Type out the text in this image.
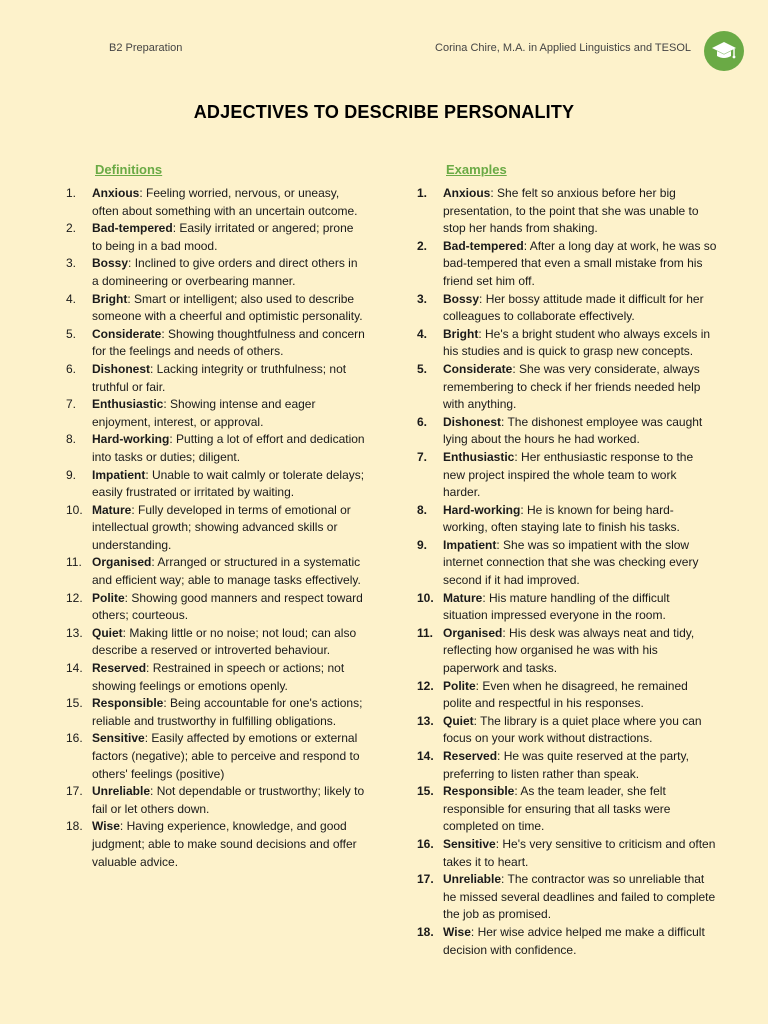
B2 Preparation	Corina Chire, M.A. in Applied Linguistics and TESOL
ADJECTIVES TO DESCRIBE PERSONALITY
Definitions
1.	Anxious: Feeling worried, nervous, or uneasy, often about something with an uncertain outcome.
2.	Bad-tempered: Easily irritated or angered; prone to being in a bad mood.
3.	Bossy: Inclined to give orders and direct others in a domineering or overbearing manner.
4.	Bright: Smart or intelligent; also used to describe someone with a cheerful and optimistic personality.
5.	Considerate: Showing thoughtfulness and concern for the feelings and needs of others.
6.	Dishonest: Lacking integrity or truthfulness; not truthful or fair.
7.	Enthusiastic: Showing intense and eager enjoyment, interest, or approval.
8.	Hard-working: Putting a lot of effort and dedication into tasks or duties; diligent.
9.	Impatient: Unable to wait calmly or tolerate delays; easily frustrated or irritated by waiting.
10. Mature: Fully developed in terms of emotional or intellectual growth; showing advanced skills or understanding.
11. Organised: Arranged or structured in a systematic and efficient way; able to manage tasks effectively.
12. Polite: Showing good manners and respect toward others; courteous.
13. Quiet: Making little or no noise; not loud; can also describe a reserved or introverted behaviour.
14. Reserved: Restrained in speech or actions; not showing feelings or emotions openly.
15. Responsible: Being accountable for one's actions; reliable and trustworthy in fulfilling obligations.
16. Sensitive: Easily affected by emotions or external factors (negative); able to perceive and respond to others' feelings (positive)
17. Unreliable: Not dependable or trustworthy; likely to fail or let others down.
18. Wise: Having experience, knowledge, and good judgment; able to make sound decisions and offer valuable advice.
Examples
1.	Anxious: She felt so anxious before her big presentation, to the point that she was unable to stop her hands from shaking.
2.	Bad-tempered: After a long day at work, he was so bad-tempered that even a small mistake from his friend set him off.
3.	Bossy: Her bossy attitude made it difficult for her colleagues to collaborate effectively.
4.	Bright: He's a bright student who always excels in his studies and is quick to grasp new concepts.
5.	Considerate: She was very considerate, always remembering to check if her friends needed help with anything.
6.	Dishonest: The dishonest employee was caught lying about the hours he had worked.
7.	Enthusiastic: Her enthusiastic response to the new project inspired the whole team to work harder.
8.	Hard-working: He is known for being hard-working, often staying late to finish his tasks.
9.	Impatient: She was so impatient with the slow internet connection that she was checking every second if it had improved.
10. Mature: His mature handling of the difficult situation impressed everyone in the room.
11. Organised: His desk was always neat and tidy, reflecting how organised he was with his paperwork and tasks.
12. Polite: Even when he disagreed, he remained polite and respectful in his responses.
13. Quiet: The library is a quiet place where you can focus on your work without distractions.
14. Reserved: He was quite reserved at the party, preferring to listen rather than speak.
15. Responsible: As the team leader, she felt responsible for ensuring that all tasks were completed on time.
16. Sensitive: He's very sensitive to criticism and often takes it to heart.
17. Unreliable: The contractor was so unreliable that he missed several deadlines and failed to complete the job as promised.
18. Wise: Her wise advice helped me make a difficult decision with confidence.
